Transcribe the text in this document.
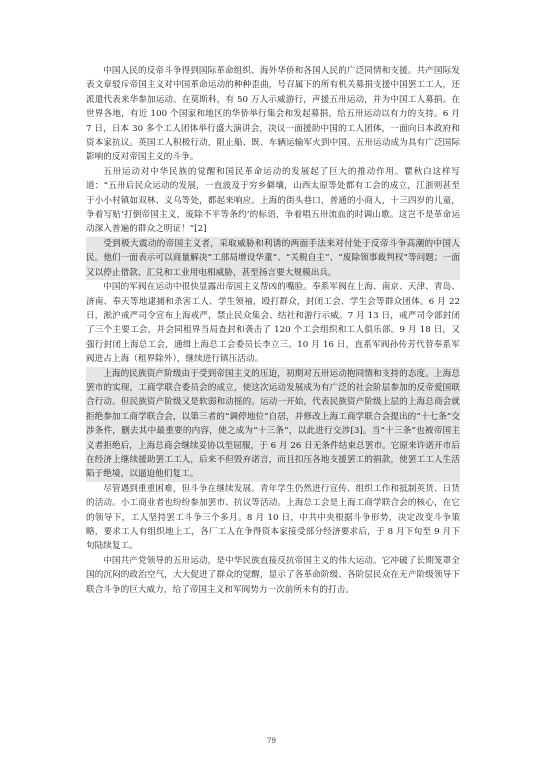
中国人民的反帝斗争得到国际革命组织、海外华侨和各国人民的广泛同情和支援。共产国际发表文章驳斥帝国主义对中国革命运动的种种歪曲，号召属下的所有机关募捐支援中国罢工工人，还派遣代表来华参加运动。在莫斯科，有 50 万人示威游行，声援五卅运动，并为中国工人募捐。在世界各地，有近 100 个国家和地区的华侨举行集会和发起募捐，给五卅运动以有力的支持。6 月 7 日，日本 30 多个工人团体举行盛大演讲会，决议一面援助中国的工人团体，一面向日本政府和资本家抗议。英国工人积极行动，阻止船、既、车辆运输军火到中国。五卅运动成为具有广泛国际影响的反对帝国主义的斗争。

五卅运动对中华民族的觉醒和国民革命运动的发展起了巨大的推动作用。瞿秋白这样写道：“五卅后民众运动的发展，一直波及于穷乡僻壤，山西太原等处都有工会的成立，江浙则甚至于小小村镇如双林、义乌等处，都起来响应。上海的街头巷口，普通的小商人，十三四岁的儿童，争着写贴‘打倒帝国主义，废除不平等条约’的标语，争着唱五卅流血的时调山歌。这岂不是革命运动深入普遍的群众之明证！”[2]

受到极大震动的帝国主义者，采取威胁和利诱的两面手法来对付处于反帝斗争高潮的中国人民。他们一面表示可以商量解决“工部局增设华董”、“关税自主”、“废除领事裁判权”等问题；一面又以停止借款、汇兑和工业用电相威胁，甚至扬言要大规模出兵。

中国的军阀在运动中很快显露出帝国主义帮凶的嘴脸。奉系军阀在上海、南京、天津、青岛、济南、奉天等地逮捕和杀害工人、学生领袖，殴打群众，封闭工会、学生会等群众团体。6 月 22 日，淞沪戒严司令宣布上海戒严，禁止民众集会、结社和游行示威。7 月 13 日，戒严司令部封闭了三个主要工会，并会同租界当局查封和袭击了 120 个工会组织和工人俱乐部。9 月 18 日，又强行封闭上海总工会，通缉上海总工会委员长李立三。10 月 16 日，直系军阀孙传芳代替奉系军阀进占上海（租界除外），继续进行镇压活动。

上海的民族资产阶级由于受到帝国主义的压迫，初期对五卅运动抱同情和支持的态度。上海总罢市的实现，工商学联合委员会的成立，使这次运动发展成为有广泛的社会阶层参加的反帝爱国联合行动。但民族资产阶级又是软弱和动摇的。运动一开始，代表民族资产阶级上层的上海总商会就拒绝参加工商学联合会，以第三者的“调停地位”自居，并修改上海工商学联合会提出的“十七条”交涉条件，删去其中最重要的内容，使之成为“十三条”，以此进行交涉[3]。当“十三条”也被帝国主义者拒绝后，上海总商会继续妥协以至屈服，于 6 月 26 日无条件结束总罢市。它原来许诺开市后在经济上继续援助罢工工人，后来不但毁弃诺言，而且扣压各地支援罢工的捐款，使罢工工人生活陷于绝境，以逼迫他们复工。

尽管遇到重重困难，但斗争在继续发展。青年学生仍然进行宣传、组织工作和抵制英货、日货的活动。小工商业者也纷纷参加罢市、抗议等活动。上海总工会是上海工商学联合会的核心，在它的领导下，工人坚持罢工斗争三个多月。8 月 10 日，中共中央根据斗争形势，决定改变斗争策略，要求工人有组织地上工，各厂工人在争得资本家接受部分经济要求后，于 8 月下旬至 9 月下旬陆续复工。

中国共产党领导的五卅运动，是中华民族直接反抗帝国主义的伟大运动。它冲破了长期笼罩全国的沉闷的政治空气，大大促进了群众的觉醒，显示了各革命阶级、各阶层民众在无产阶级领导下联合斗争的巨大威力，给了帝国主义和军阀势力一次前所未有的打击。

79
